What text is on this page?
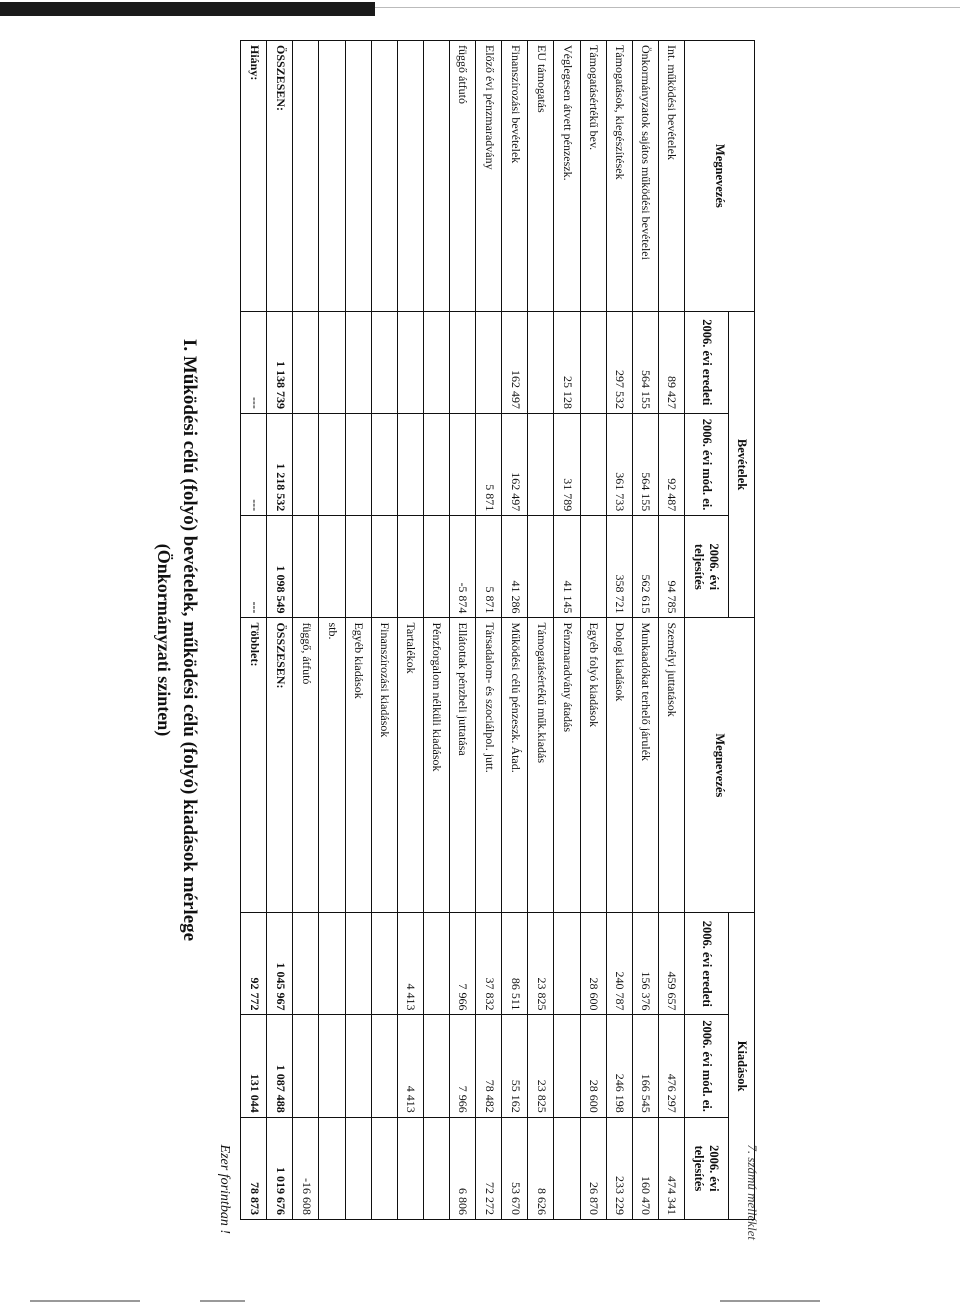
7. számú melléklet
I. Működési célú (folyó) bevételek, működési célú (folyó) kiadások mérlege
(Önkormányzati szinten)
Ezer forintban !
Megnevezés	Bevételek			Megnevezés	Kiadások		
	2006. évi eredeti	2006. évi mód. ei.	2006. évi teljesítés		2006. évi eredeti	2006. évi mód. ei.	2006. évi teljesítés
Int. működési bevételek	89 427	92 487	94 785	Személyi juttatások	459 657	476 297	474 341
Önkormányzatok sajátos működési bevételei	564 155	564 155	562 615	Munkaadókat terhelő járulék	156 376	166 545	160 470
Támogatások, kiegészítések	297 532	361 733	358 721	Dologi kiadások	240 787	246 198	233 229
Támogatásértékű bev.				Egyéb folyó kiadások	28 600	28 600	26 870
Véglegesen átvett pénzeszk.	25 128	31 789	41 145	Pénzmaradvány átadás			
EU támogatás				Támogatásértékű műk.kiadás	23 825	23 825	8 626
Finanszírozási bevételek	162 497	162 497	41 286	Működési célú pénzeszk. Átad.	86 511	55 162	53 670
Előző évi pénzmaradvány		5 871	5 871	Társadalom- és szociálpol. jutt.	37 832	78 482	72 272
függő átfutó			-5 874	Ellátottak pénzbeli juttatása	7 966	7 966	6 806
				Pénzforgalom nélküli kiadások			
				Tartalékok	4 413	4 413	
				Finanszírozási kiadások			
				Egyéb kiadások			
				stb.			
				függő, átfutó			-16 608
ÖSSZESEN:	1 138 739	1 218 532	1 098 549	ÖSSZESEN:	1 045 967	1 087 488	1 019 676
Hiány:	---	---	---	Többlet:	92 772	131 044	78 873
